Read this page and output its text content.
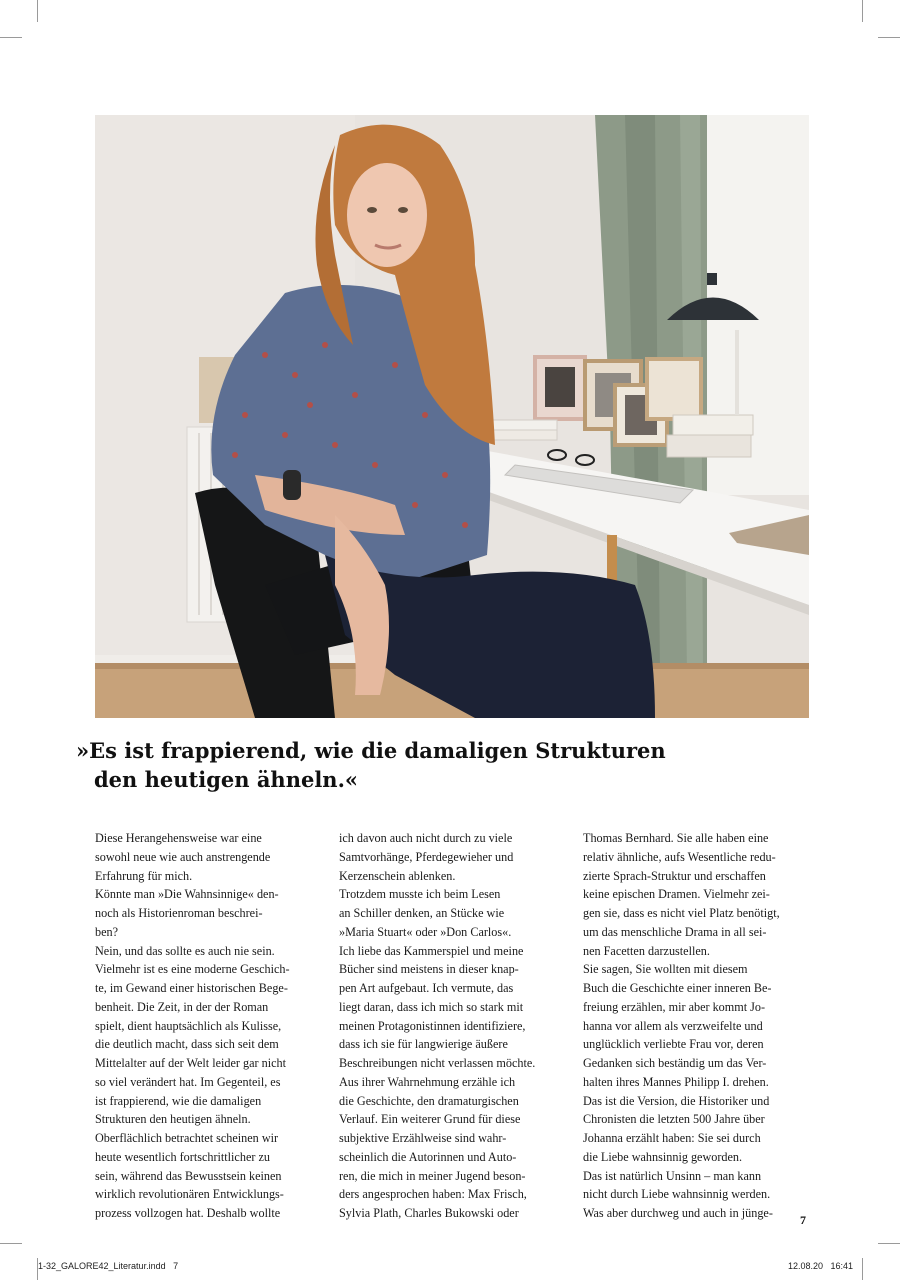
»Es ist frappierend, wie die damaligen Strukturen
den heutigen ähneln.«
Diese Herangehensweise war eine
sowohl neue wie auch anstrengende
Erfahrung für mich.
Könnte man »Die Wahnsinnige« den-
noch als Historienroman beschrei-
ben?
Nein, und das sollte es auch nie sein.
Vielmehr ist es eine moderne Geschich-
te, im Gewand einer historischen Bege-
benheit. Die Zeit, in der der Roman
spielt, dient hauptsächlich als Kulisse,
die deutlich macht, dass sich seit dem
Mittelalter auf der Welt leider gar nicht
so viel verändert hat. Im Gegenteil, es
ist frappierend, wie die damaligen
Strukturen den heutigen ähneln.
Oberflächlich betrachtet scheinen wir
heute wesentlich fortschrittlicher zu
sein, während das Bewusstsein keinen
wirklich revolutionären Entwicklungs-
prozess vollzogen hat. Deshalb wollte
ich davon auch nicht durch zu viele
Samtvorhänge, Pferdegewieher und
Kerzenschein ablenken.
Trotzdem musste ich beim Lesen
an Schiller denken, an Stücke wie
»Maria Stuart« oder »Don Carlos«.
Ich liebe das Kammerspiel und meine
Bücher sind meistens in dieser knap-
pen Art aufgebaut. Ich vermute, das
liegt daran, dass ich mich so stark mit
meinen Protagonistinnen identifiziere,
dass ich sie für langwierige äußere
Beschreibungen nicht verlassen möchte.
Aus ihrer Wahrnehmung erzähle ich
die Geschichte, den dramaturgischen
Verlauf. Ein weiterer Grund für diese
subjektive Erzählweise sind wahr-
scheinlich die Autorinnen und Auto-
ren, die mich in meiner Jugend beson-
ders angesprochen haben: Max Frisch,
Sylvia Plath, Charles Bukowski oder
Thomas Bernhard. Sie alle haben eine
relativ ähnliche, aufs Wesentliche redu-
zierte Sprach-Struktur und erschaffen
keine epischen Dramen. Vielmehr zei-
gen sie, dass es nicht viel Platz benötigt,
um das menschliche Drama in all sei-
nen Facetten darzustellen.
Sie sagen, Sie wollten mit diesem
Buch die Geschichte einer inneren Be-
freiung erzählen, mir aber kommt Jo-
hanna vor allem als verzweifelte und
unglücklich verliebte Frau vor, deren
Gedanken sich beständig um das Ver-
halten ihres Mannes Philipp I. drehen.
Das ist die Version, die Historiker und
Chronisten die letzten 500 Jahre über
Johanna erzählt haben: Sie sei durch
die Liebe wahnsinnig geworden.
Das ist natürlich Unsinn – man kann
nicht durch Liebe wahnsinnig werden.
Was aber durchweg und auch in jünge-	7
1-32_GALORE42_Literatur.indd   7	12.08.20   16:41
